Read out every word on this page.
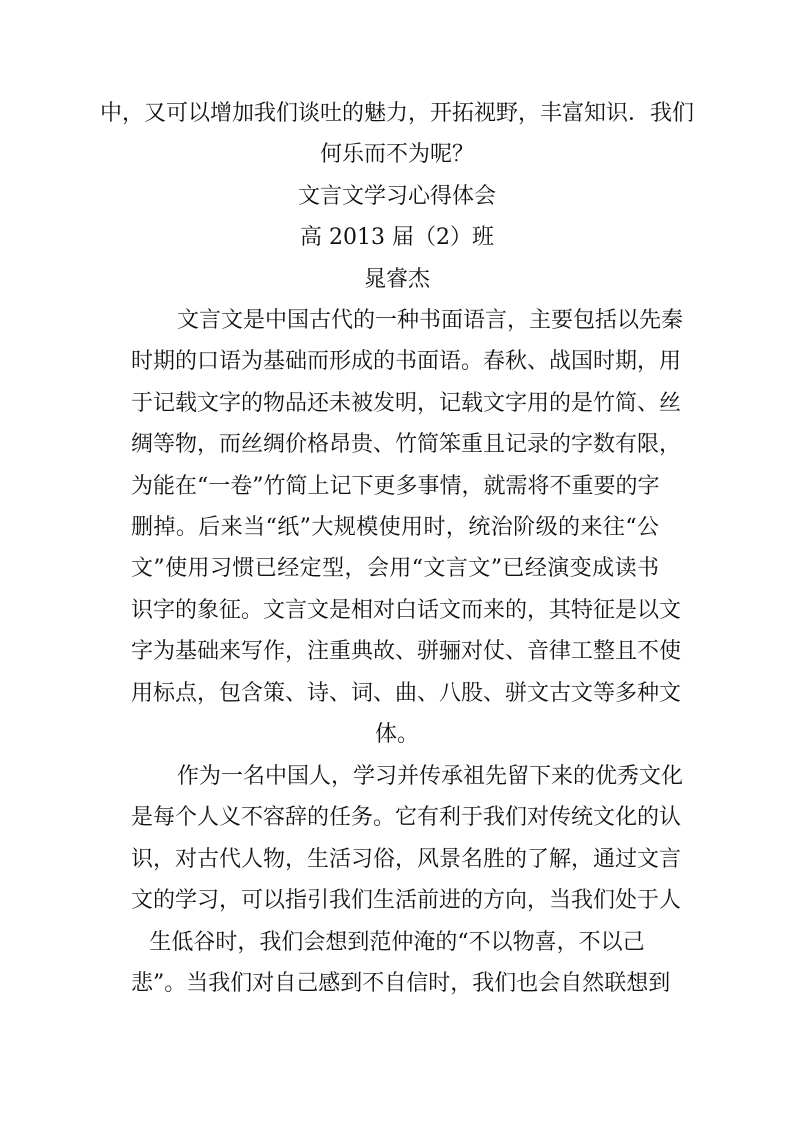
中，又可以增加我们谈吐的魅力，开拓视野，丰富知识．我们

何乐而不为呢？

文言文学习心得体会

高 2013 届（2）班

晁睿杰

文言文是中国古代的一种书面语言，主要包括以先秦

时期的口语为基础而形成的书面语。春秋、战国时期，用

于记载文字的物品还未被发明，记载文字用的是竹简、丝

绸等物，而丝绸价格昂贵、竹简笨重且记录的字数有限，

为能在“一卷”竹简上记下更多事情，就需将不重要的字

删掉。后来当“纸”大规模使用时，统治阶级的来往“公

文”使用习惯已经定型，会用“文言文”已经演变成读书

识字的象征。文言文是相对白话文而来的，其特征是以文

字为基础来写作，注重典故、骈骊对仗、音律工整且不使

用标点，包含策、诗、词、曲、八股、骈文古文等多种文

体。

作为一名中国人，学习并传承祖先留下来的优秀文化

是每个人义不容辞的任务。它有利于我们对传统文化的认

识，对古代人物，生活习俗，风景名胜的了解，通过文言

文的学习，可以指引我们生活前进的方向，当我们处于人

生低谷时，我们会想到范仲淹的“不以物喜，不以己

悲”。当我们对自己感到不自信时，我们也会自然联想到
